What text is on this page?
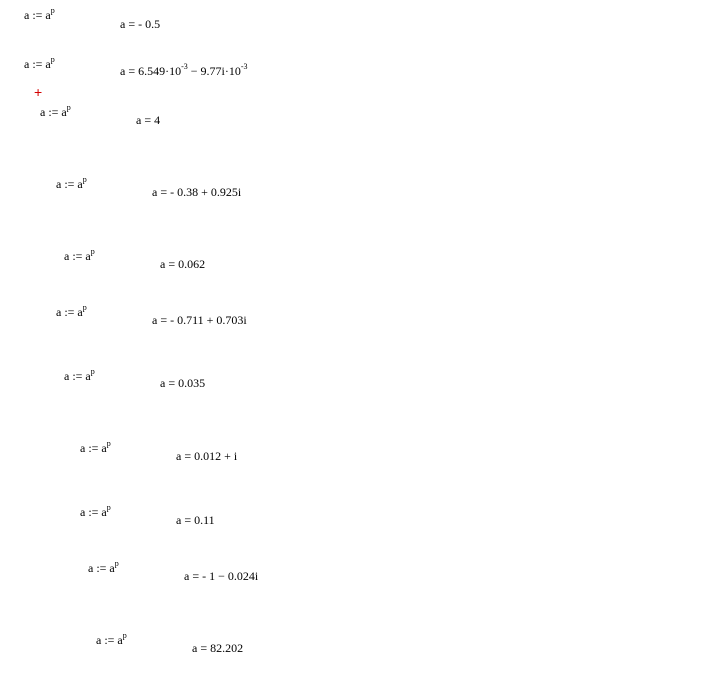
a := $a^p$
a = - 0.5
a := $a^p$
$a = 6.549\cdot 10^{-3} - 9.77i\cdot 10^{-3}$
+
a := $a^p$
a = 4
a := $a^p$
a = - 0.38 + 0.925i
a := $a^p$
a = 0.062
a := $a^p$
a = - 0.711 + 0.703i
a := $a^p$
a = 0.035
a := $a^p$
a = 0.012 + i
a := $a^p$
a = 0.11
a := $a^p$
a = - 1 − 0.024i
a := $a^p$
a = 82.202
